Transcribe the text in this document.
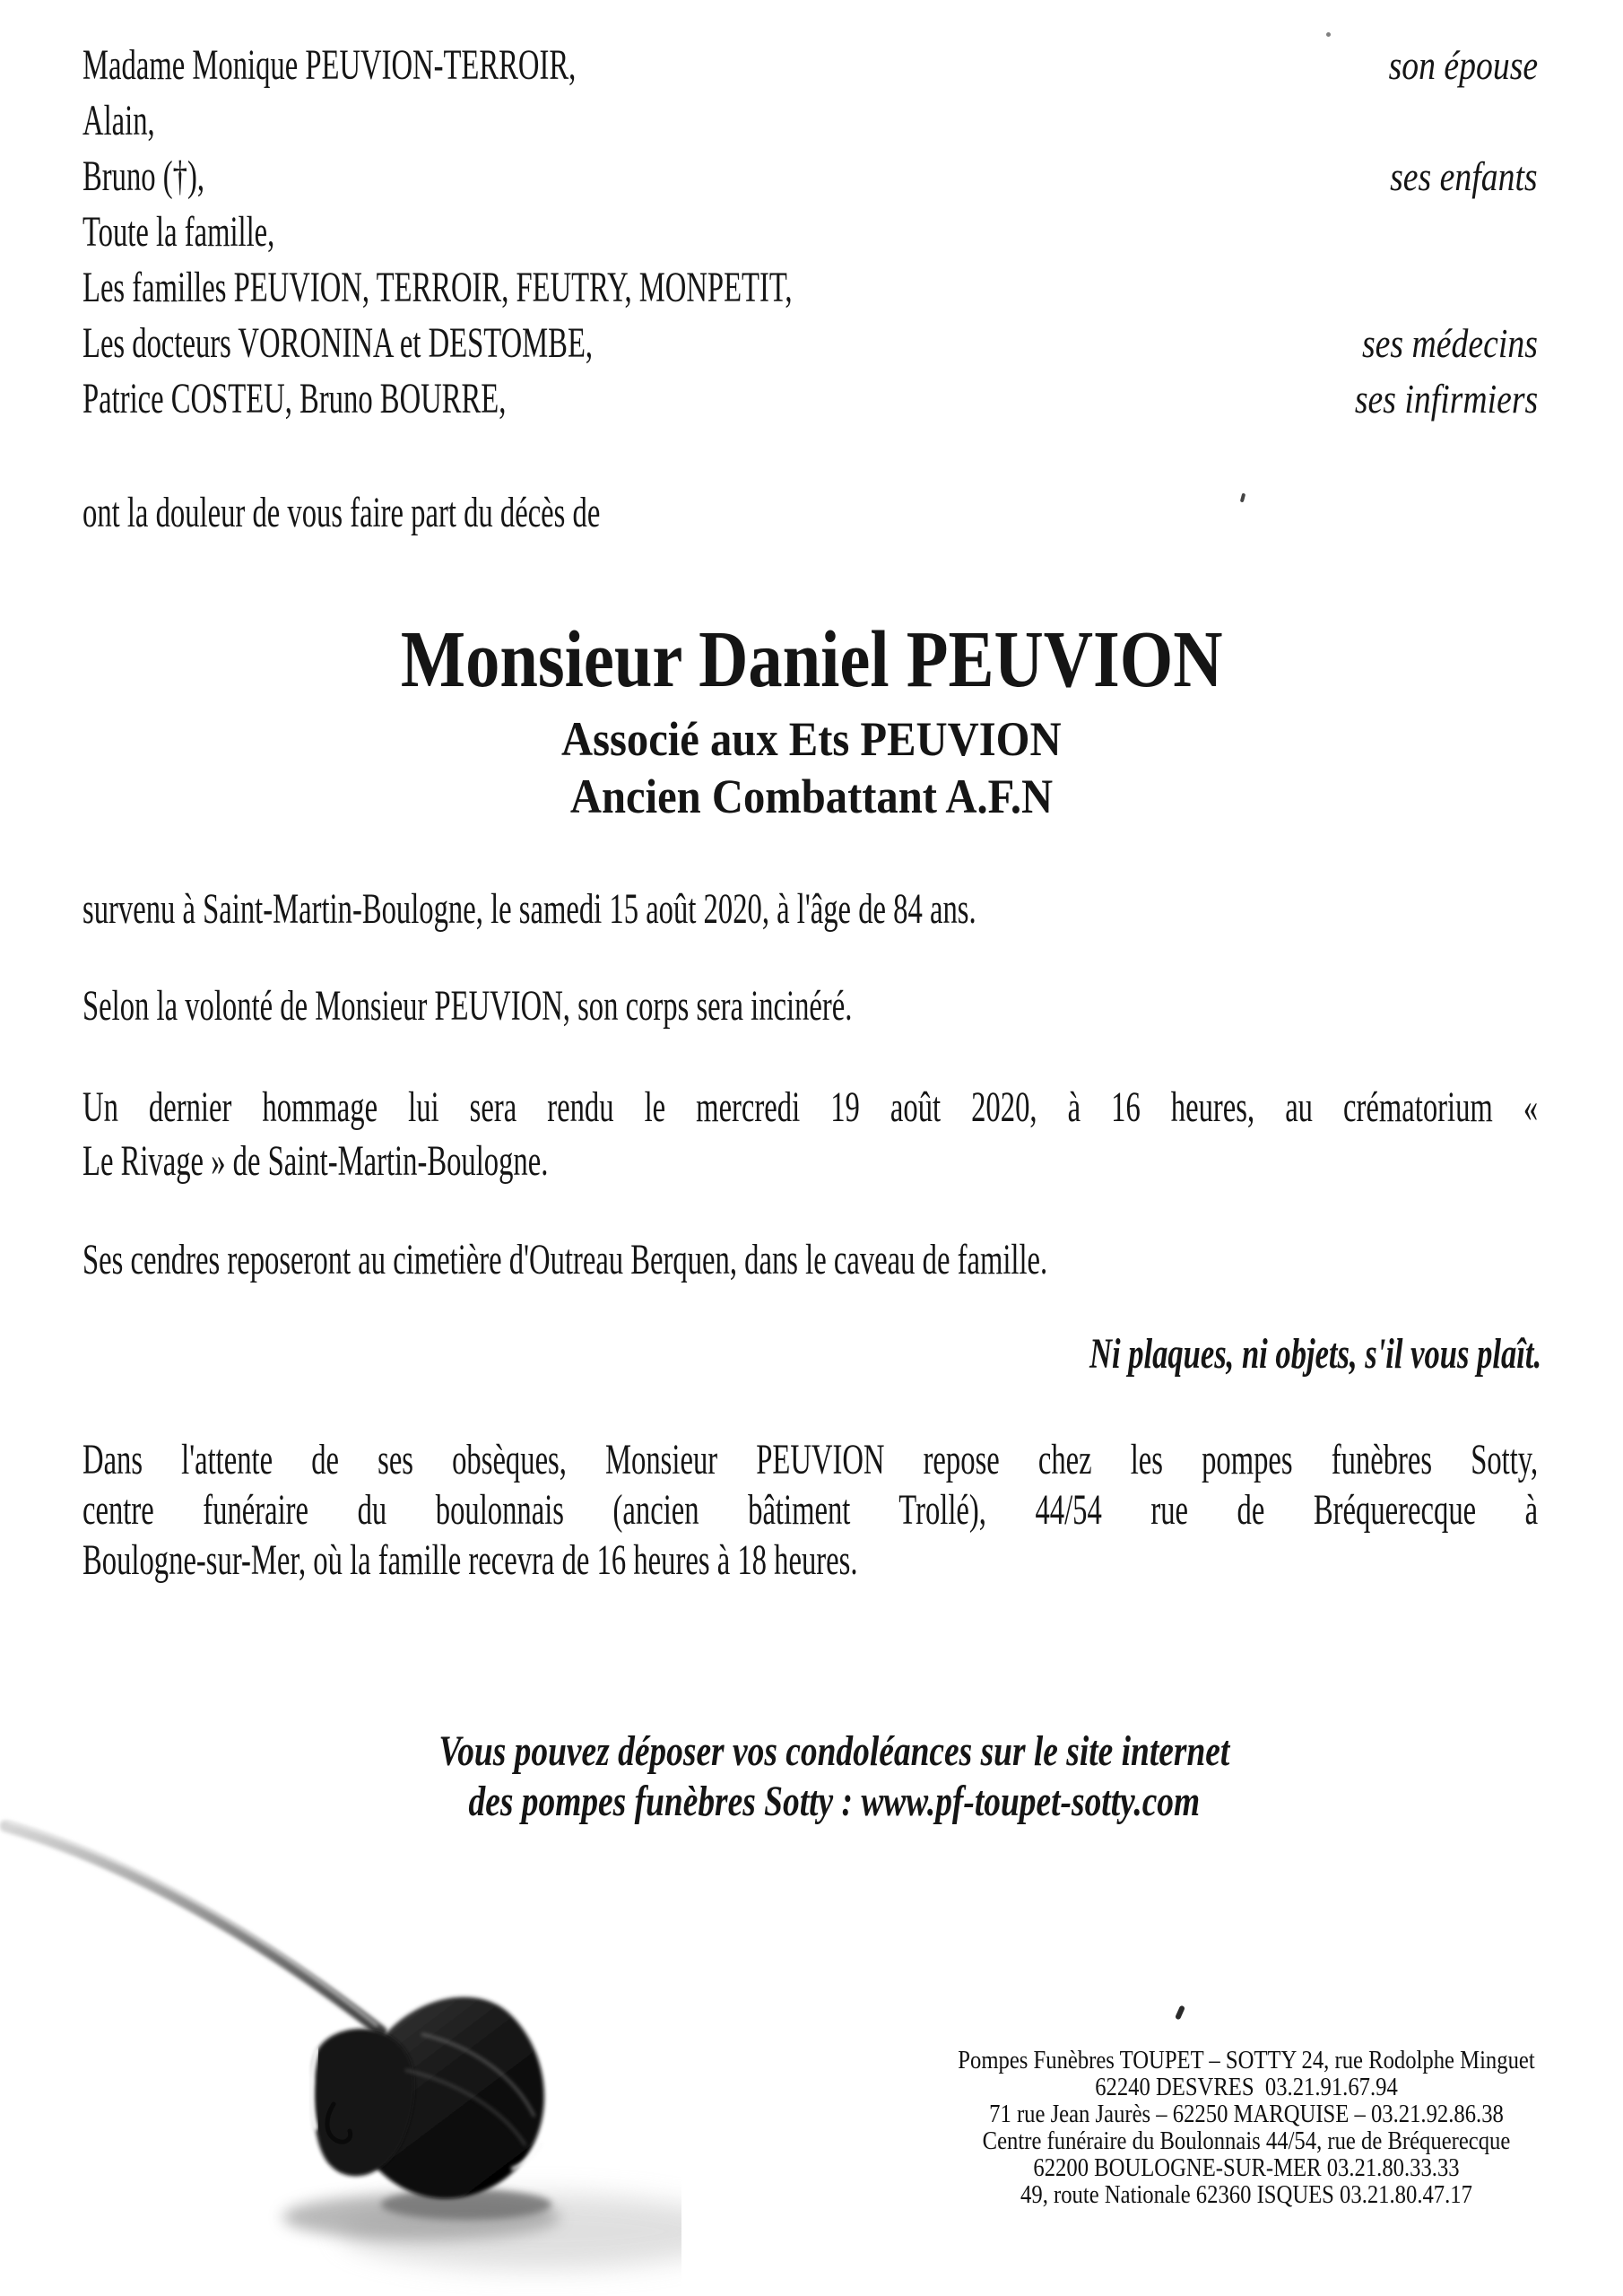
Madame Monique PEUVION-TERROIR,
Alain,
Bruno (†),
Toute la famille,
Les familles PEUVION, TERROIR, FEUTRY, MONPETIT,
Les docteurs VORONINA et DESTOMBE,
Patrice COSTEU, Bruno BOURRE,
son épouse
ses enfants
ses médecins
ses infirmiers
ont la douleur de vous faire part du décès de
Monsieur Daniel PEUVION
Associé aux Ets PEUVION
Ancien Combattant A.F.N
survenu à Saint-Martin-Boulogne, le samedi 15 août 2020, à l'âge de 84 ans.
Selon la volonté de Monsieur PEUVION, son corps sera incinéré.
Un dernier hommage lui sera rendu le mercredi 19 août 2020, à 16 heures, au crématorium «
Le Rivage » de Saint-Martin-Boulogne.
Ses cendres reposeront au cimetière d'Outreau Berquen, dans le caveau de famille.
Ni plaques, ni objets, s'il vous plaît.
Dans l'attente de ses obsèques, Monsieur PEUVION repose chez les pompes funèbres Sotty,
centre funéraire du boulonnais (ancien bâtiment Trollé), 44/54 rue de Bréquerecque à
Boulogne-sur-Mer, où la famille recevra de 16 heures à 18 heures.
Vous pouvez déposer vos condoléances sur le site internet
des pompes funèbres Sotty : www.pf-toupet-sotty.com
Pompes Funèbres TOUPET – SOTTY 24, rue Rodolphe Minguet
62240 DESVRES  03.21.91.67.94
71 rue Jean Jaurès – 62250 MARQUISE – 03.21.92.86.38
Centre funéraire du Boulonnais 44/54, rue de Bréquerecque
62200 BOULOGNE-SUR-MER 03.21.80.33.33
49, route Nationale 62360 ISQUES 03.21.80.47.17
